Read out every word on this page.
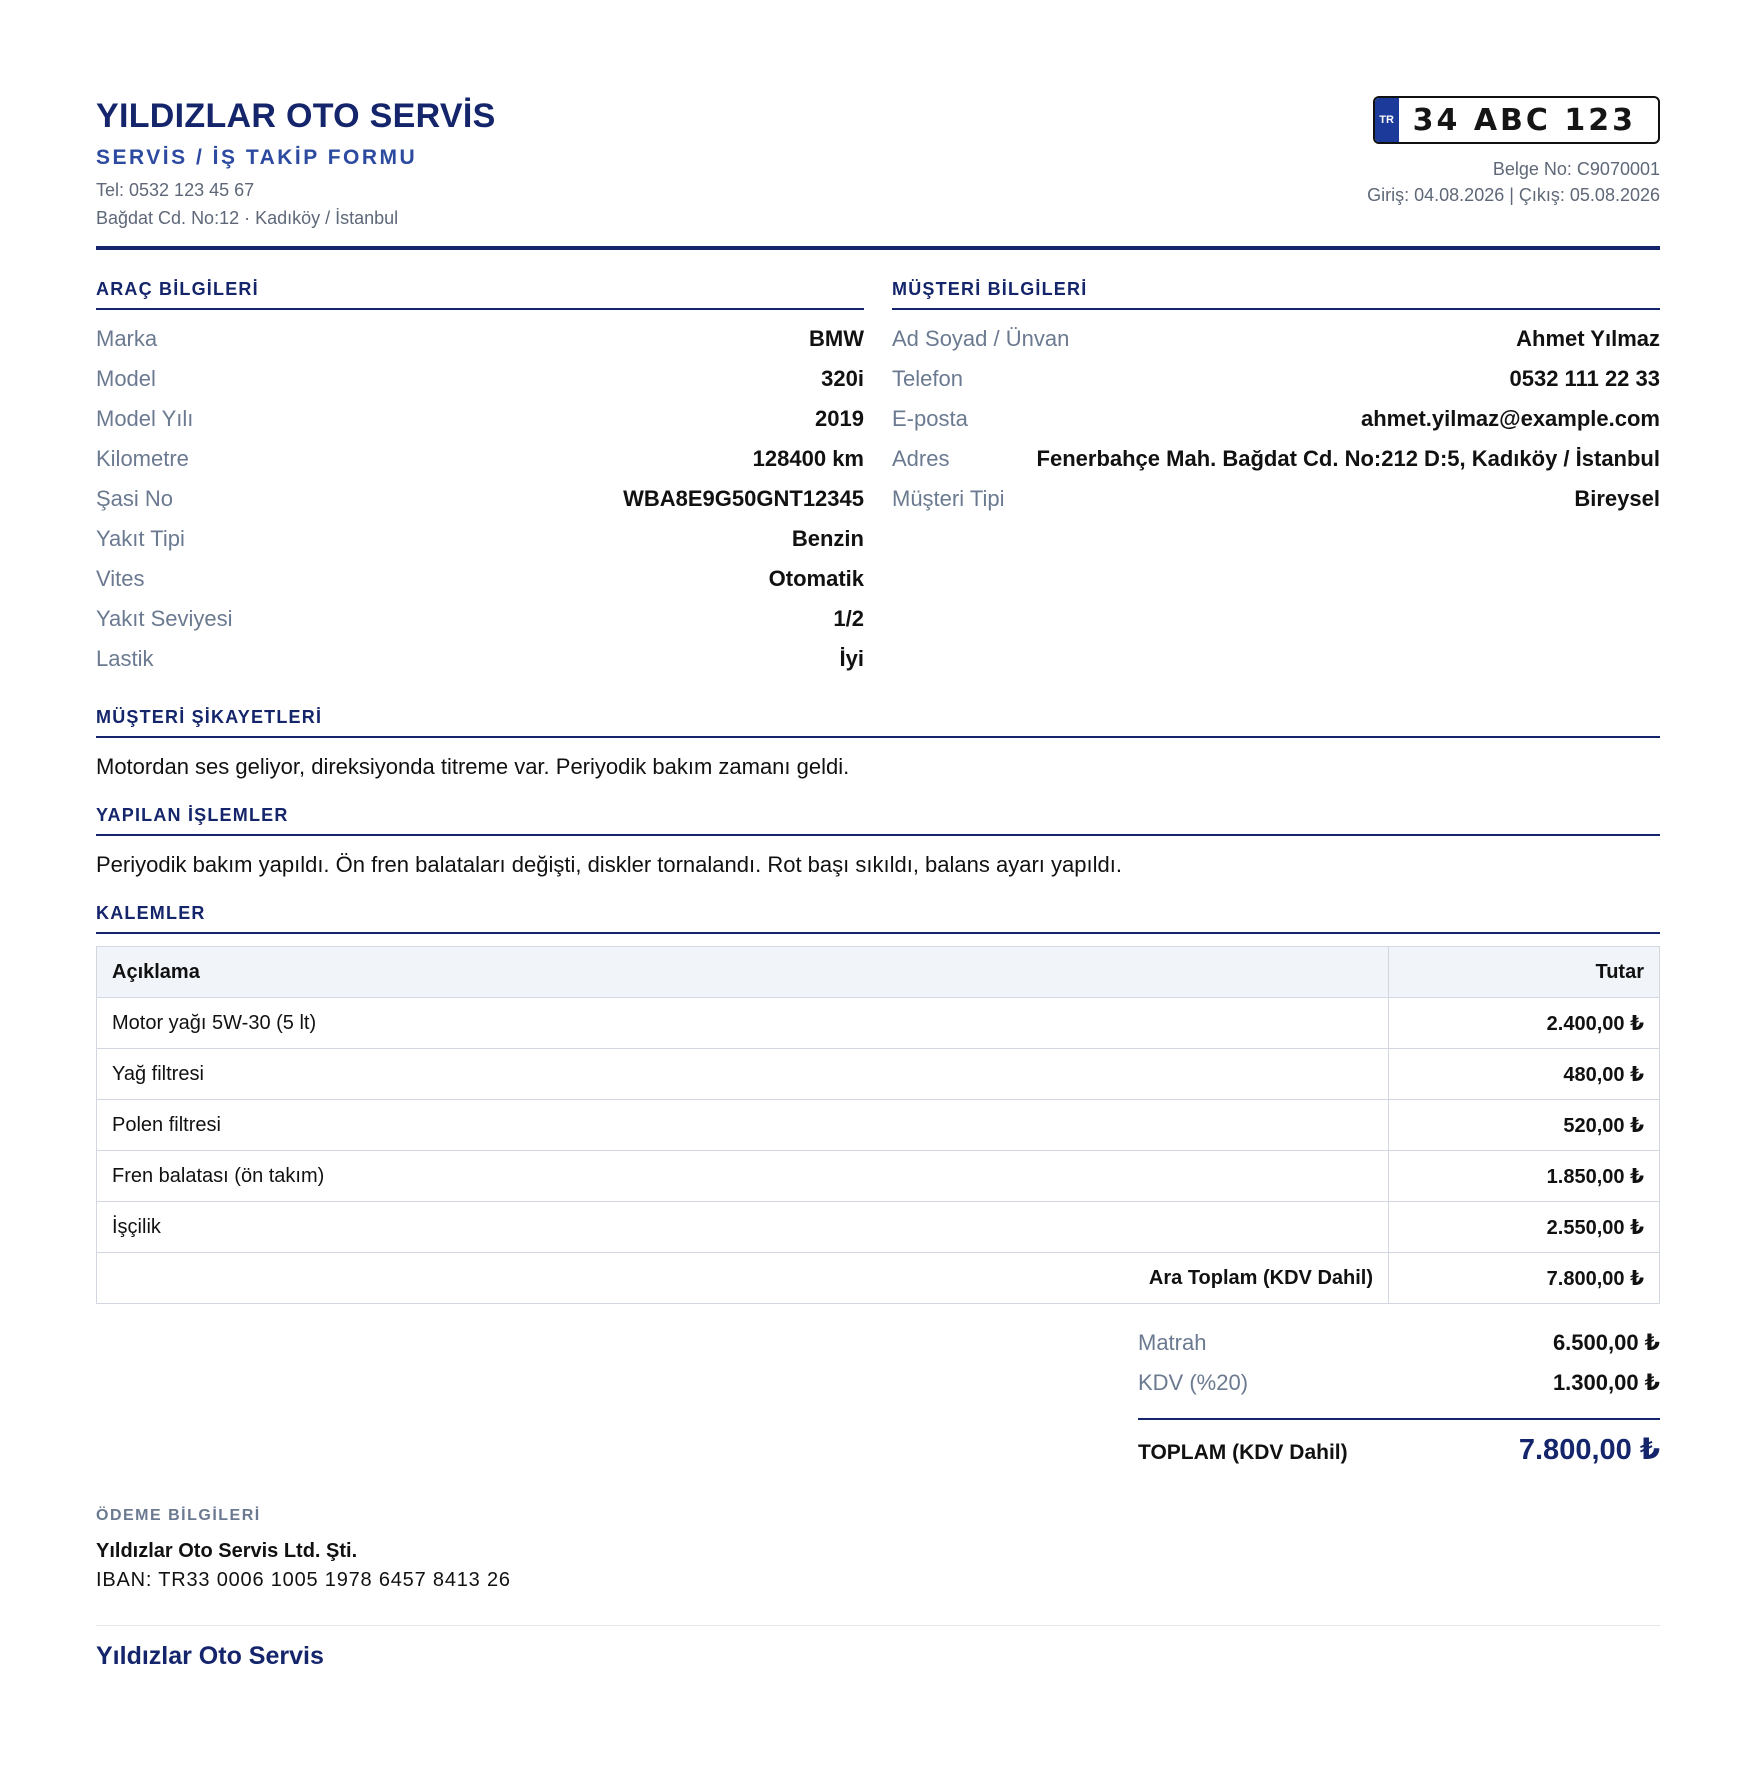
YILDIZLAR OTO SERVİS
SERVİS / İŞ TAKİP FORMU
Tel: 0532 123 45 67
Bağdat Cd. No:12 · Kadıköy / İstanbul
TR 34 ABC 123
Belge No: C9070001
Giriş: 04.08.2026 | Çıkış: 05.08.2026
ARAÇ BİLGİLERİ
Marka	BMW
Model	320i
Model Yılı	2019
Kilometre	128400 km
Şasi No	WBA8E9G50GNT12345
Yakıt Tipi	Benzin
Vites	Otomatik
Yakıt Seviyesi	1/2
Lastik	İyi
MÜŞTERİ BİLGİLERİ
Ad Soyad / Ünvan	Ahmet Yılmaz
Telefon	0532 111 22 33
E-posta	ahmet.yilmaz@example.com
Adres	Fenerbahçe Mah. Bağdat Cd. No:212 D:5, Kadıköy / İstanbul
Müşteri Tipi	Bireysel
MÜŞTERİ ŞİKAYETLERİ
Motordan ses geliyor, direksiyonda titreme var. Periyodik bakım zamanı geldi.
YAPILAN İŞLEMLER
Periyodik bakım yapıldı. Ön fren balataları değişti, diskler tornalandı. Rot başı sıkıldı, balans ayarı yapıldı.
KALEMLER
Açıklama	Tutar
Motor yağı 5W-30 (5 lt)	2.400,00 ₺
Yağ filtresi	480,00 ₺
Polen filtresi	520,00 ₺
Fren balatası (ön takım)	1.850,00 ₺
İşçilik	2.550,00 ₺
Ara Toplam (KDV Dahil)	7.800,00 ₺
Matrah	6.500,00 ₺
KDV (%20)	1.300,00 ₺
TOPLAM (KDV Dahil)	7.800,00 ₺
ÖDEME BİLGİLERİ
Yıldızlar Oto Servis Ltd. Şti.
IBAN: TR33 0006 1005 1978 6457 8413 26
Yıldızlar Oto Servis
